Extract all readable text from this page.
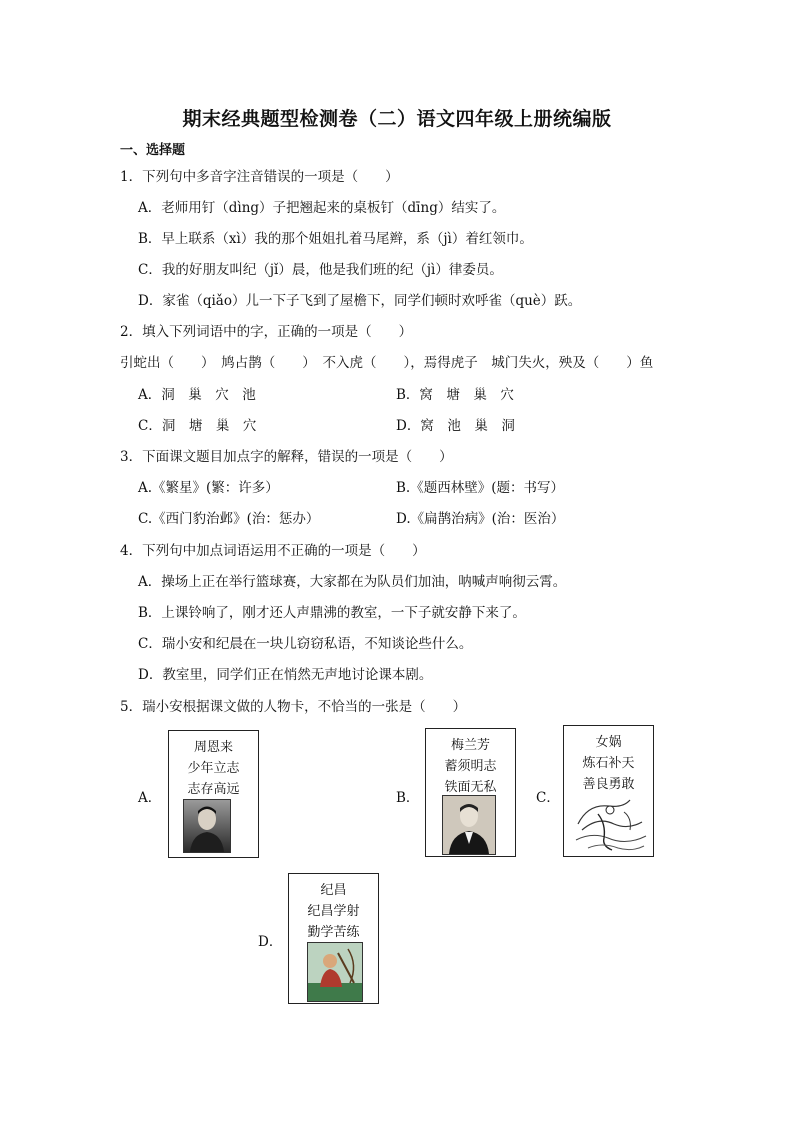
期末经典题型检测卷（二）语文四年级上册统编版
一、选择题
1．下列句中多音字注音错误的一项是（　　）
A．老师用钉（dìng）子把翘起来的桌板钉（dīng）结实了。
B．早上联系（xì）我的那个姐姐扎着马尾辫，系（jì）着红领巾。
C．我的好朋友叫纪（jǐ）晨，他是我们班的纪（jì）律委员。
D．家雀（qiǎo）儿一下子飞到了屋檐下，同学们顿时欢呼雀（què）跃。
2．填入下列词语中的字，正确的一项是（　　）
引蛇出（　　）　鸠占鹊（　　）　不入虎（　　），焉得虎子　城门失火，殃及（　　）鱼
A．洞　巢　穴　池	B．窝　塘　巢　穴
C．洞　塘　巢　穴	D．窝　池　巢　洞
3．下面课文题目加点字的解释，错误的一项是（　　）
A.《繁星》(繁：许多）	B.《题西林壁》(题：书写）
C.《西门豹治邺》(治：惩办）	D.《扁鹊治病》(治：医治）
4．下列句中加点词语运用不正确的一项是（　　）
A．操场上正在举行篮球赛，大家都在为队员们加油，呐喊声响彻云霄。
B．上课铃响了，刚才还人声鼎沸的教室，一下子就安静下来了。
C．瑞小安和纪晨在一块儿窃窃私语，不知谈论些什么。
D．教室里，同学们正在悄然无声地讨论课本剧。
5．瑞小安根据课文做的人物卡，不恰当的一张是（　　）
A．
周恩来
少年立志
志存高远
B．
梅兰芳
蓄须明志
铁面无私
C．
女娲
炼石补天
善良勇敢
D．
纪昌
纪昌学射
勤学苦练
